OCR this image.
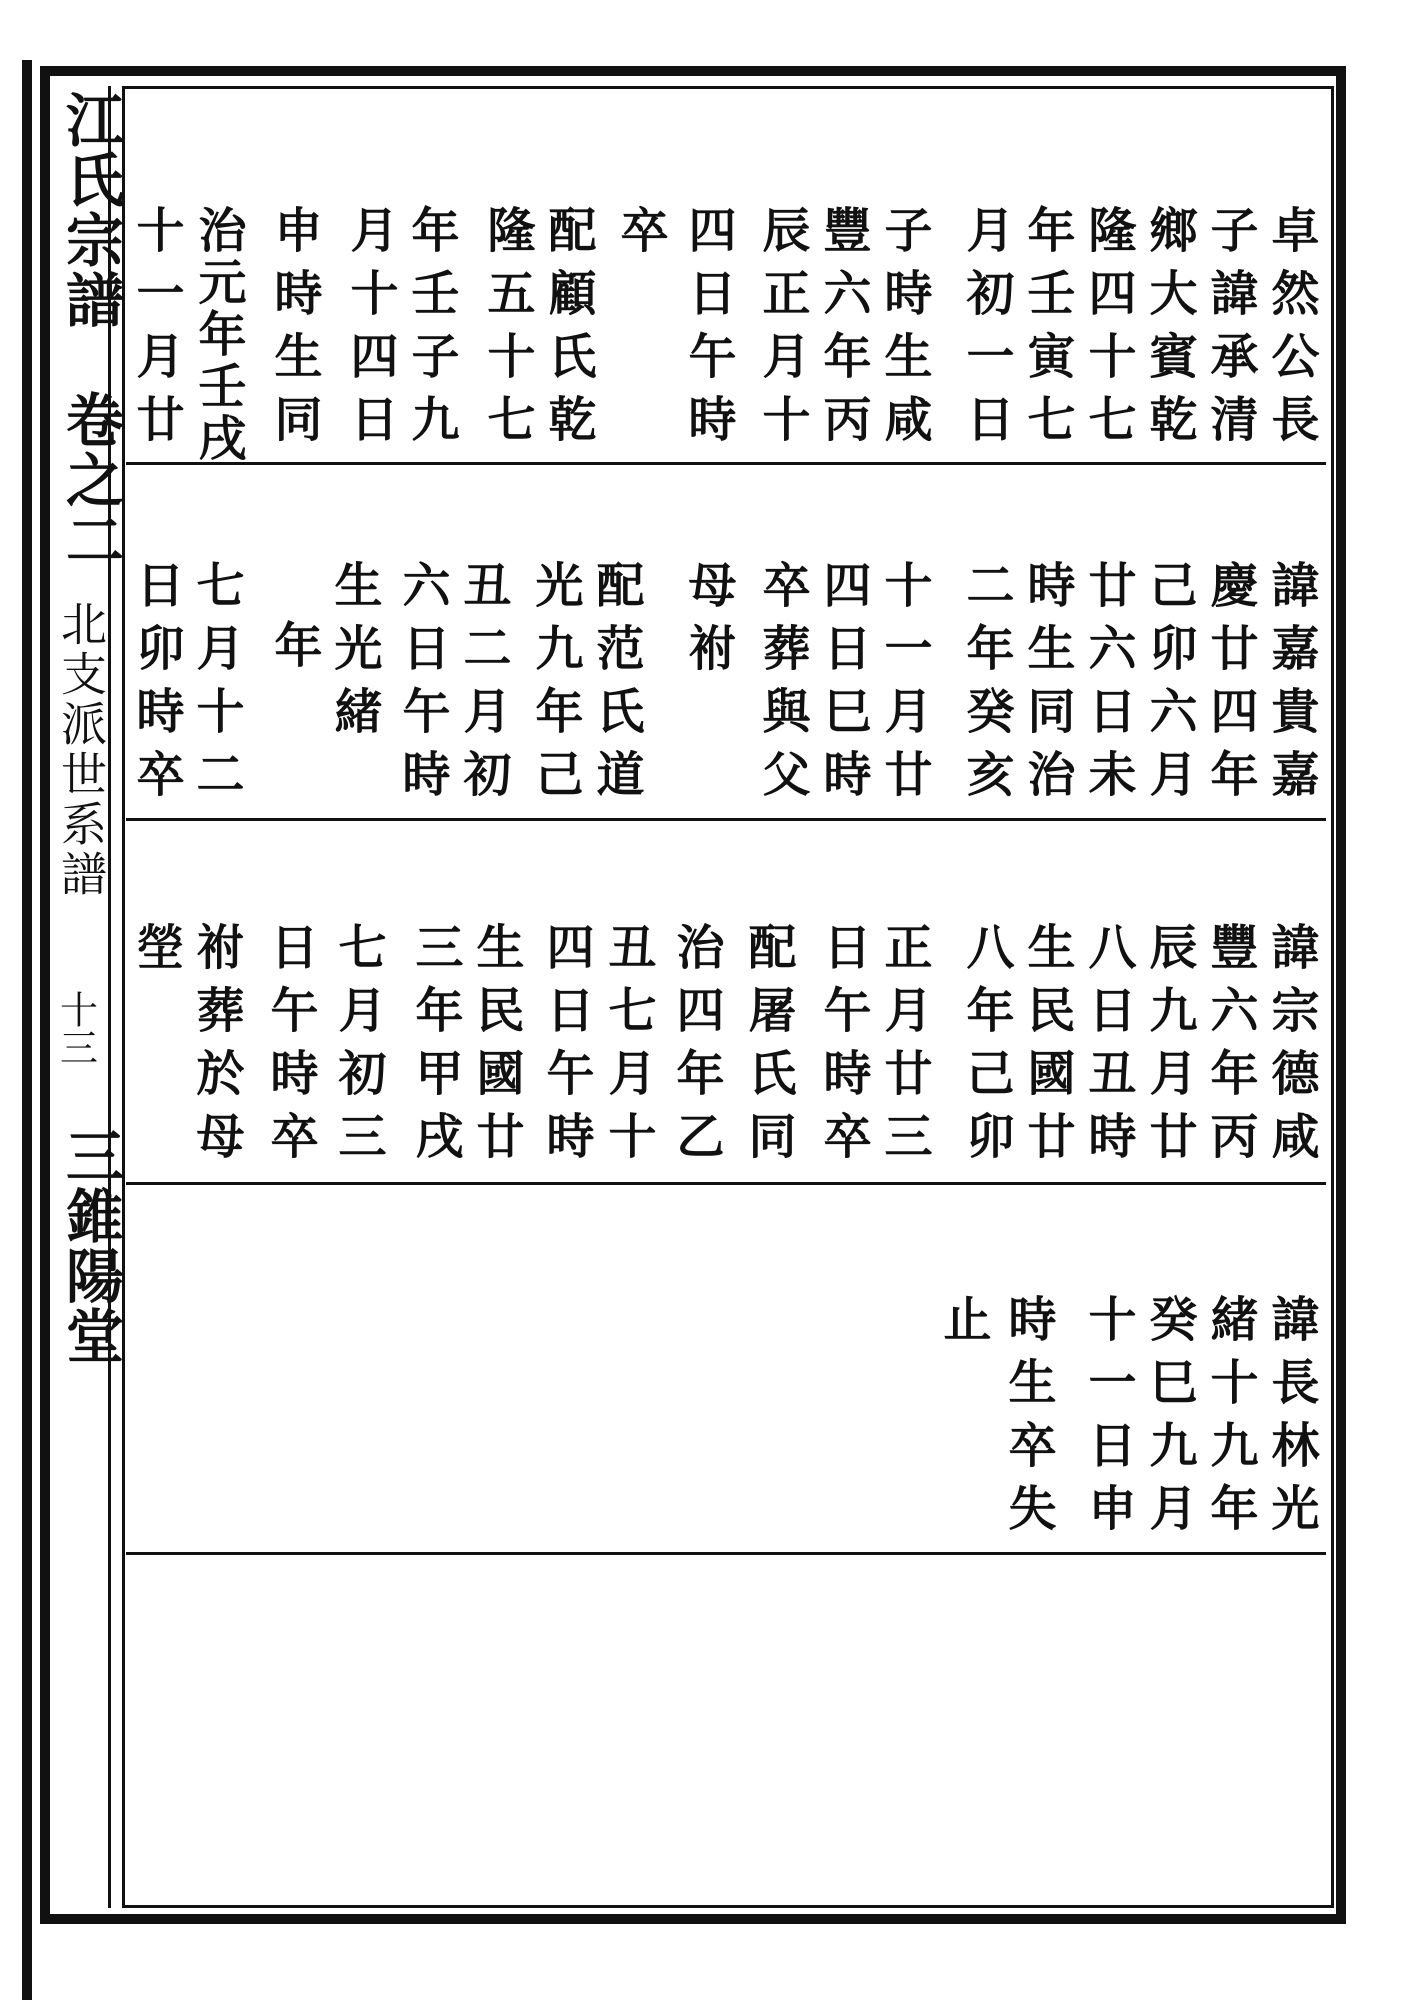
江氏宗譜
卷之二
北支派世系譜
十三
三錐陽堂
卓然公長
子諱承清
鄉大賓乾
隆四十七
年壬寅七
月初一日
子時生咸
豐六年丙
辰正月十
四日午時
卒
配顧氏乾
隆五十七
年壬子九
月十四日
申時生同
治元年壬戌
十一月廿
諱嘉貴嘉
慶廿四年
己卯六月
廿六日未
時生同治
二年癸亥
十一月廿
四日巳時
卒葬與父
母祔
配范氏道
光九年己
丑二月初
六日午時
生光緒
年
七月十二
日卯時卒
諱宗德咸
豐六年丙
辰九月廿
八日丑時
生民國廿
八年己卯
正月廿三
日午時卒
配屠氏同
治四年乙
丑七月十
四日午時
生民國廿
三年甲戌
七月初三
日午時卒
祔葬於母
塋
諱長林光
緒十九年
癸巳九月
十一日申
時生卒失
止
